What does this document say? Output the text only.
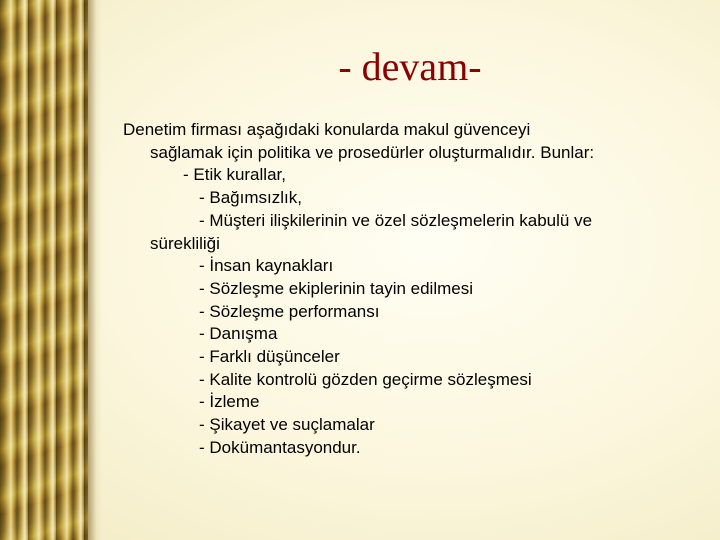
- devam-
Denetim firması aşağıdaki konularda makul güvenceyi
sağlamak için politika ve prosedürler oluşturmalıdır. Bunlar:
- Etik kurallar,
- Bağımsızlık,
- Müşteri ilişkilerinin ve özel sözleşmelerin kabulü ve
sürekliliği
- İnsan kaynakları
- Sözleşme ekiplerinin tayin edilmesi
- Sözleşme performansı
- Danışma
- Farklı düşünceler
- Kalite kontrolü gözden geçirme sözleşmesi
- İzleme
- Şikayet ve suçlamalar
- Dokümantasyondur.
